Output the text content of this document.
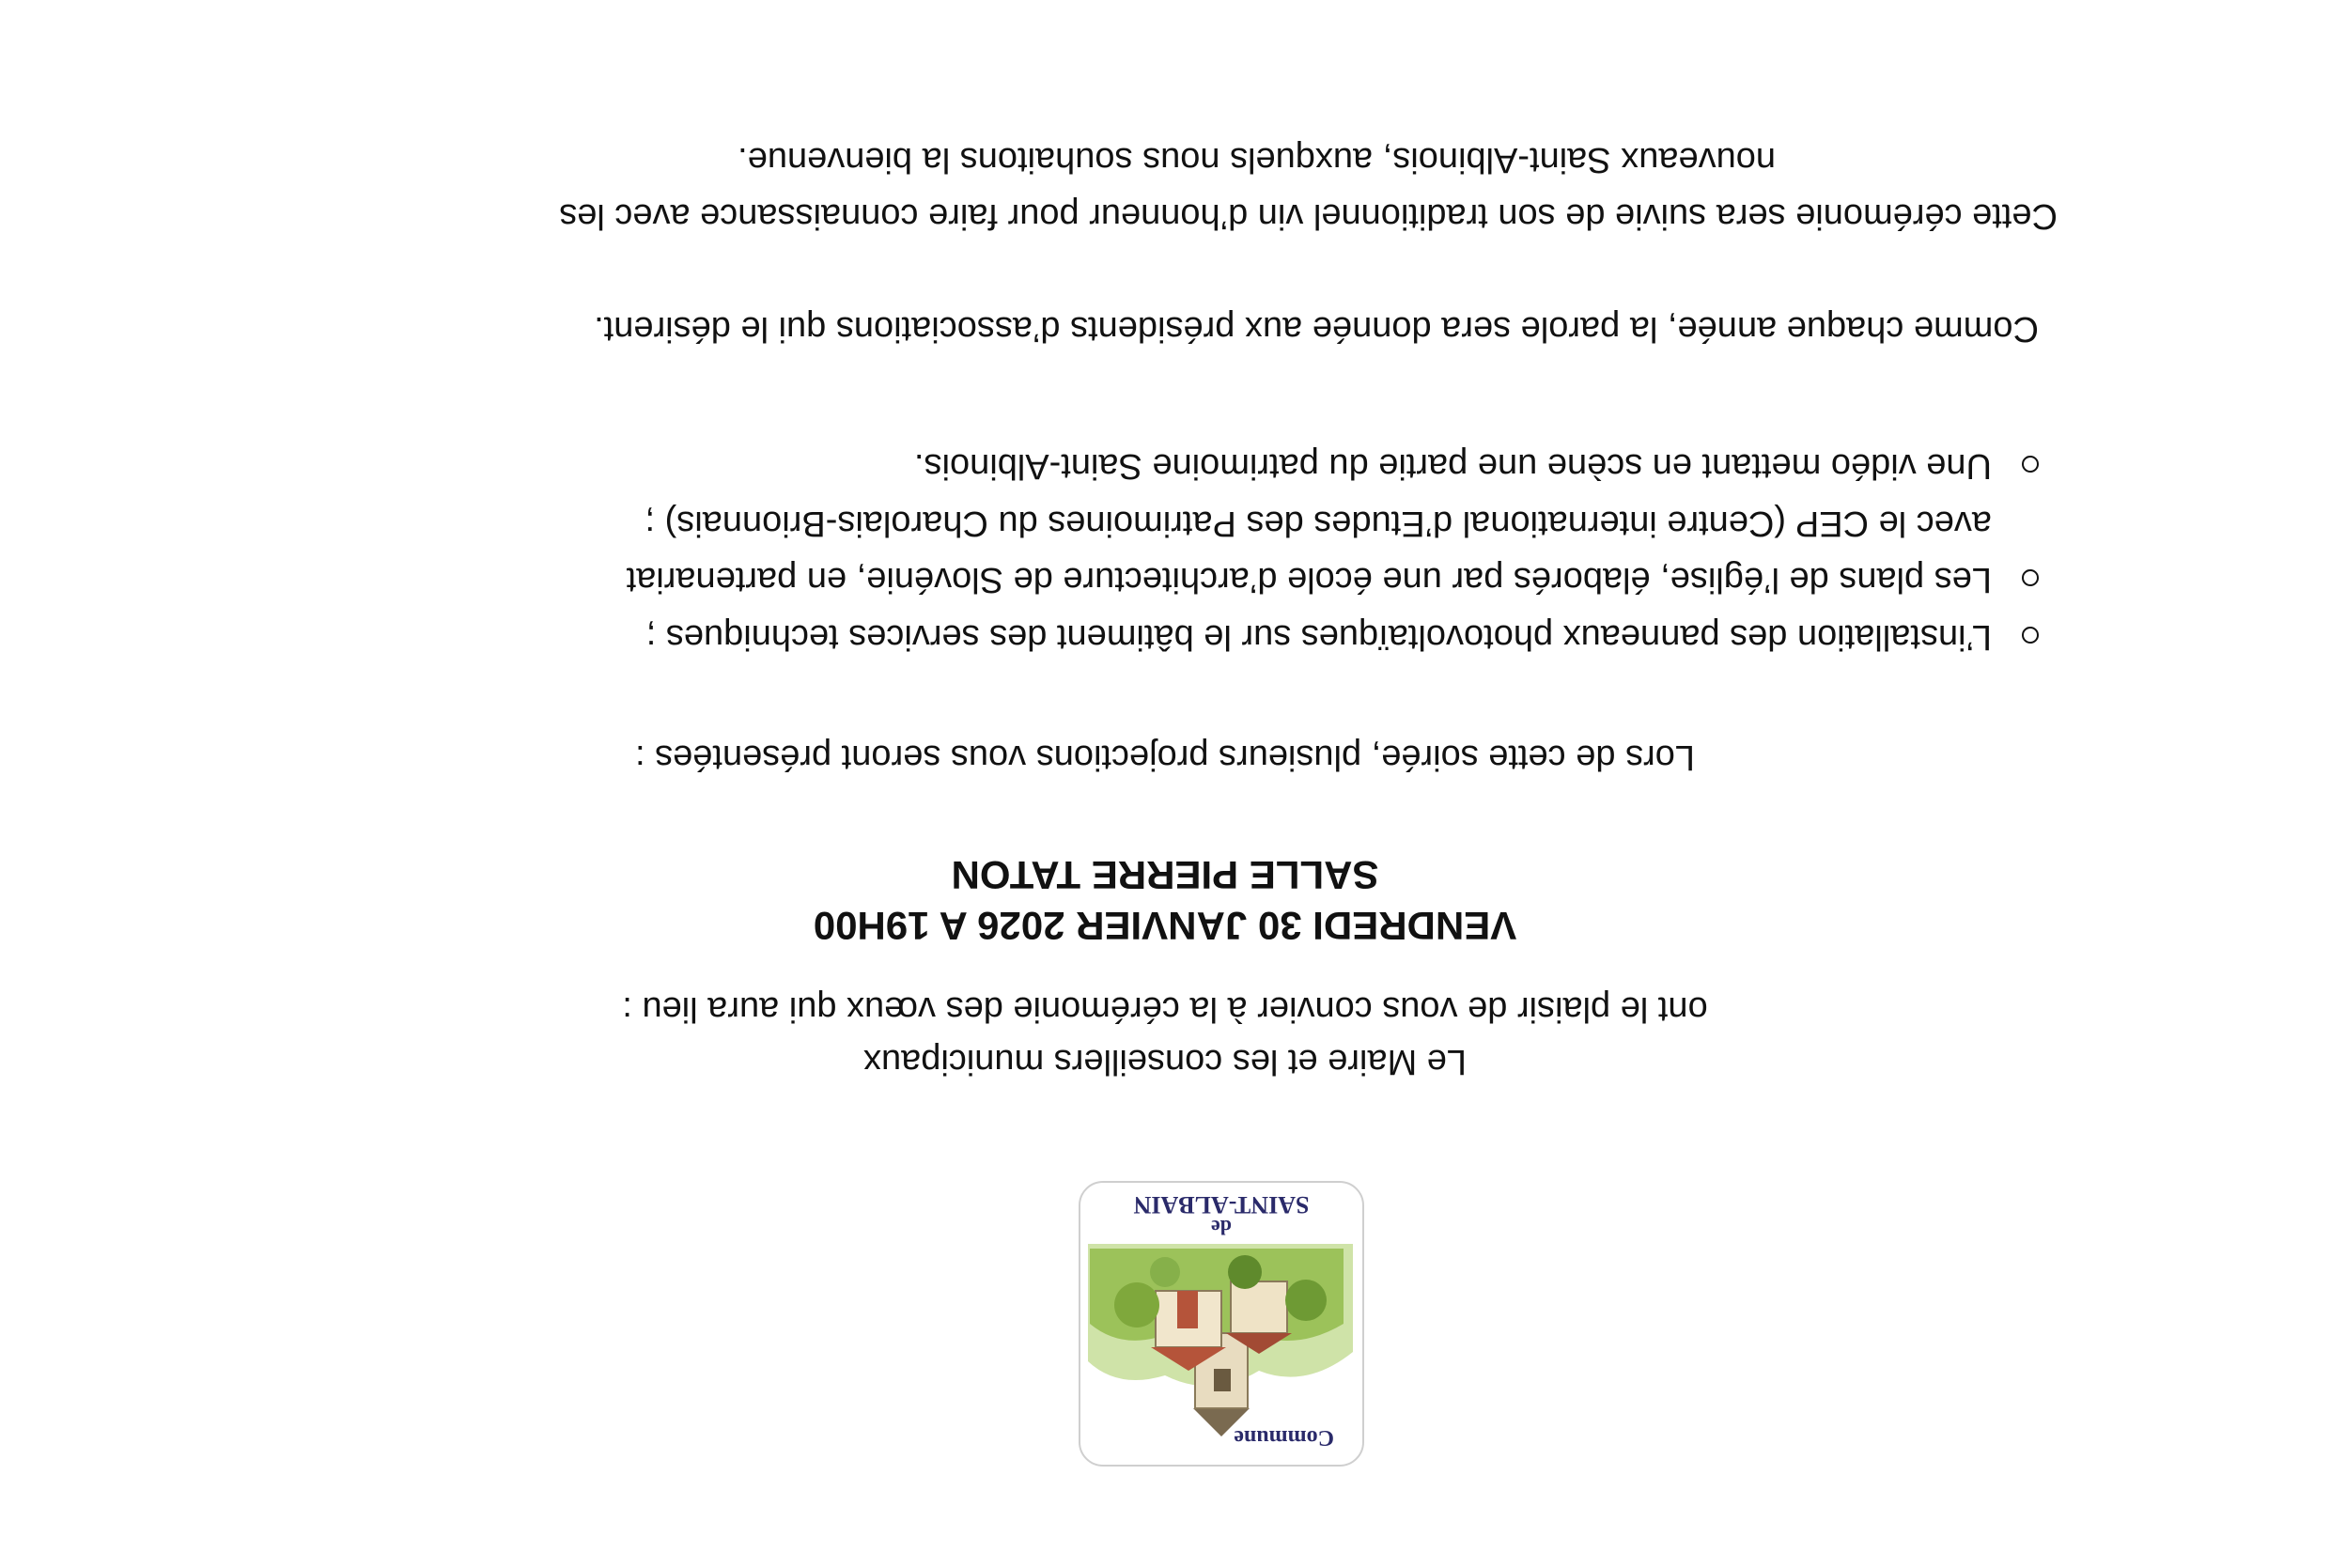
Commune
de
SAINT-ALBAIN
Le Maire et les conseillers municipaux
ont le plaisir de vous convier à la cérémonie des vœux qui aura lieu :
VENDREDI 30 JANVIER 2026 A 19H00
SALLE PIERRE TATON
Lors de cette soirée, plusieurs projections vous seront présentées :
L’installation des panneaux photovoltaïques sur le bâtiment des services techniques ;
Les plans de l’église, élaborés par une école d’architecture de Slovénie, en partenariat
avec le CEP (Centre international d’Etudes des Patrimoines du Charolais-Brionnais) ;
Une vidéo mettant en scène une partie du patrimoine Saint-Albinois.
Comme chaque année, la parole sera donnée aux présidents d’associations qui le désirent.
Cette cérémonie sera suivie de son traditionnel vin d’honneur pour faire connaissance avec les
nouveaux Saint-Albinois, auxquels nous souhaitons la bienvenue.
